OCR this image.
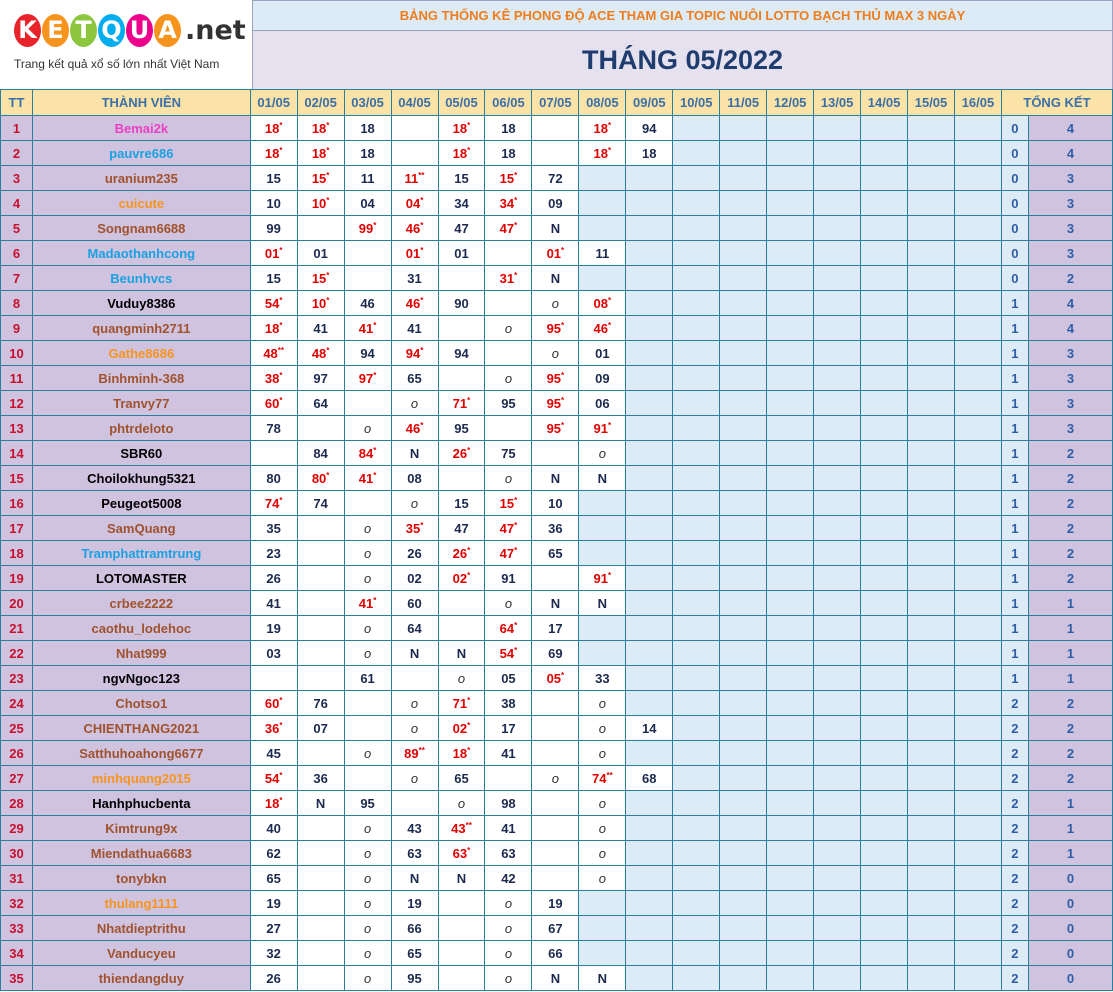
K E T Q U A .net
Trang kết quả xổ số lớn nhất Việt Nam
BẢNG THỐNG KÊ PHONG ĐỘ ACE THAM GIA TOPIC NUÔI LOTTO BẠCH THỦ MAX 3 NGÀY
THÁNG 05/2022
TT	THÀNH VIÊN	01/05	02/05	03/05	04/05	05/05	06/05	07/05	08/05	09/05	10/05	11/05	12/05	13/05	14/05	15/05	16/05	TỔNG KẾT	
1	Bemai2k	18*	18*	18		18*	18		18*	94								0	4
2	pauvre686	18*	18*	18		18*	18		18*	18								0	4
3	uranium235	15	15*	11	11**	15	15*	72										0	3
4	cuicute	10	10*	04	04*	34	34*	09										0	3
5	Songnam6688	99		99*	46*	47	47*	N										0	3
6	Madaothanhcong	01*	01		01*	01		01*	11									0	3
7	Beunhvcs	15	15*		31		31*	N										0	2
8	Vuduy8386	54*	10*	46	46*	90		o	08*									1	4
9	quangminh2711	18*	41	41*	41		o	95*	46*									1	4
10	Gathe8686	48**	48*	94	94*	94		o	01									1	3
11	Binhminh-368	38*	97	97*	65		o	95*	09									1	3
12	Tranvy77	60*	64		o	71*	95	95*	06									1	3
13	phtrdeloto	78		o	46*	95		95*	91*									1	3
14	SBR60		84	84*	N	26*	75		o									1	2
15	Choilokhung5321	80	80*	41*	08		o	N	N									1	2
16	Peugeot5008	74*	74		o	15	15*	10										1	2
17	SamQuang	35		o	35*	47	47*	36										1	2
18	Tramphattramtrung	23		o	26	26*	47*	65										1	2
19	LOTOMASTER	26		o	02	02*	91		91*									1	2
20	crbee2222	41		41*	60		o	N	N									1	1
21	caothu_lodehoc	19		o	64		64*	17										1	1
22	Nhat999	03		o	N	N	54*	69										1	1
23	ngvNgoc123			61		o	05	05*	33									1	1
24	Chotso1	60*	76		o	71*	38		o									2	2
25	CHIENTHANG2021	36*	07		o	02*	17		o	14								2	2
26	Satthuhoahong6677	45		o	89**	18*	41		o									2	2
27	minhquang2015	54*	36		o	65		o	74**	68								2	2
28	Hanhphucbenta	18*	N	95		o	98		o									2	1
29	Kimtrung9x	40		o	43	43**	41		o									2	1
30	Miendathua6683	62		o	63	63*	63		o									2	1
31	tonybkn	65		o	N	N	42		o									2	0
32	thulang1111	19		o	19		o	19										2	0
33	Nhatdieptrithu	27		o	66		o	67										2	0
34	Vanducyeu	32		o	65		o	66										2	0
35	thiendangduy	26		o	95		o	N	N									2	0
